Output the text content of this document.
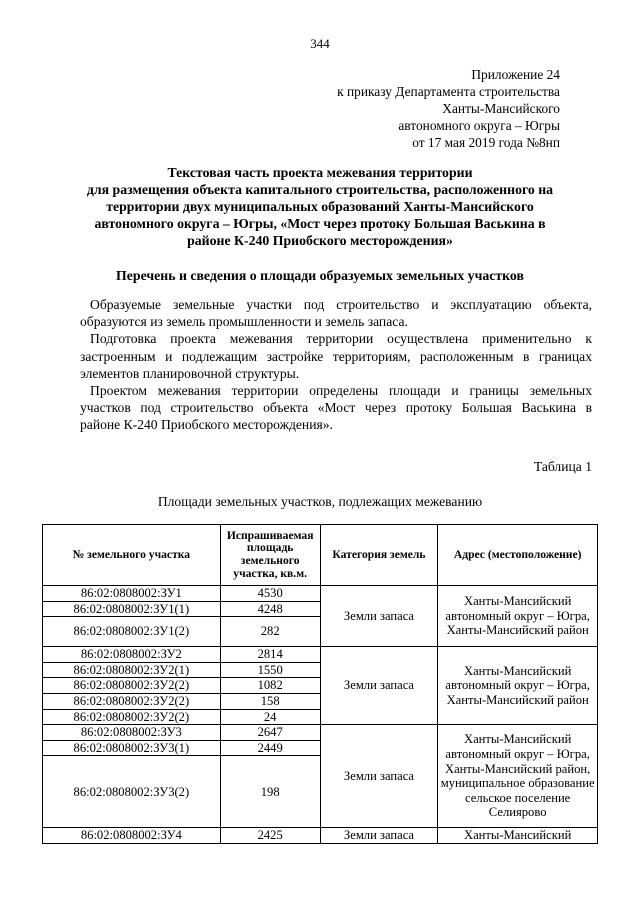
344
Приложение 24
к приказу Департамента строительства
Ханты-Мансийского
автономного округа – Югры
от 17 мая 2019 года №8нп
Текстовая часть проекта межевания территории
для размещения объекта капитального строительства, расположенного на
территории двух муниципальных образований Ханты-Мансийского
автономного округа – Югры, «Мост через протоку Большая Васькина в
районе К-240 Приобского месторождения»
Перечень и сведения о площади образуемых земельных участков

Образуемые земельные участки под строительство и эксплуатацию объекта,
образуются из земель промышленности и земель запаса.

Подготовка проекта межевания территории осуществлена применительно к
застроенным и подлежащим застройке территориям, расположенным в границах
элементов планировочной структуры.

Проектом межевания территории определены площади и границы земельных
участков под строительство объекта «Мост через протоку Большая Васькина в
районе К-240 Приобского месторождения».

Таблица 1
Площади земельных участков, подлежащих межеванию
№ земельного участка	Испрашиваемая площадь земельного участка, кв.м.	Категория земель	Адрес (местоположение)
86:02:0808002:ЗУ1	4530	Земли запаса	Ханты-Мансийский автономный округ – Югра, Ханты-Мансийский район
86:02:0808002:ЗУ1(1)	4248		
86:02:0808002:ЗУ1(2)	282		
86:02:0808002:ЗУ2	2814	Земли запаса	Ханты-Мансийский автономный округ – Югра, Ханты-Мансийский район
86:02:0808002:ЗУ2(1)	1550		
86:02:0808002:ЗУ2(2)	1082		
86:02:0808002:ЗУ2(2)	158		
86:02:0808002:ЗУ2(2)	24		
86:02:0808002:ЗУ3	2647	Земли запаса	Ханты-Мансийский автономный округ – Югра, Ханты-Мансийский район, муниципальное образование сельское поселение Селиярово
86:02:0808002:ЗУ3(1)	2449		
86:02:0808002:ЗУ3(2)	198		
86:02:0808002:ЗУ4	2425	Земли запаса	Ханты-Мансийский
